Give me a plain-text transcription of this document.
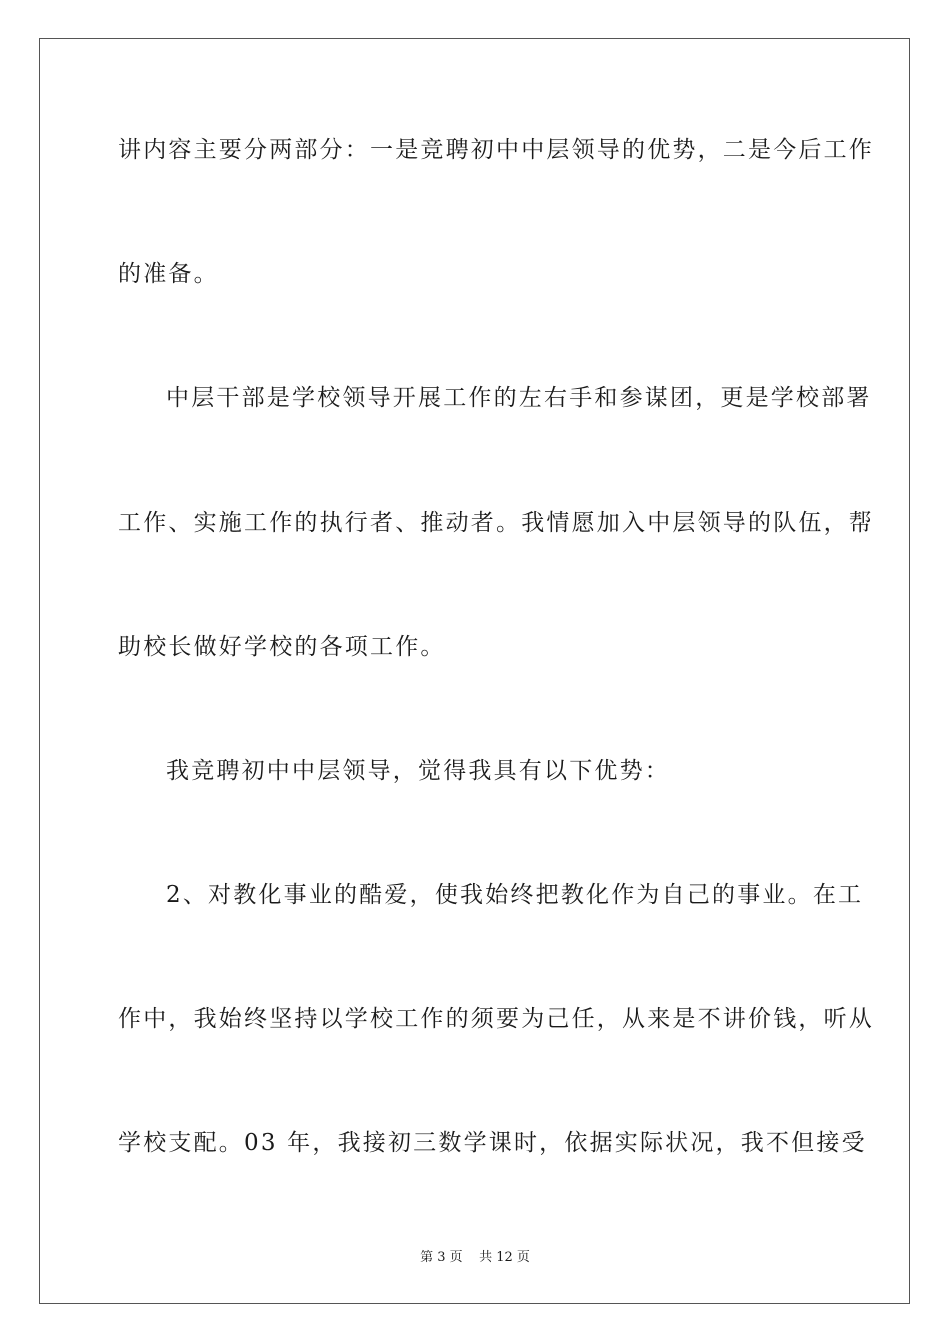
讲内容主要分两部分：一是竞聘初中中层领导的优势，二是今后工作
的准备。
中层干部是学校领导开展工作的左右手和参谋团，更是学校部署
工作、实施工作的执行者、推动者。我情愿加入中层领导的队伍，帮
助校长做好学校的各项工作。
我竞聘初中中层领导，觉得我具有以下优势：
2、对教化事业的酷爱，使我始终把教化作为自己的事业。在工
作中，我始终坚持以学校工作的须要为己任，从来是不讲价钱，听从
学校支配。03 年，我接初三数学课时，依据实际状况，我不但接受
第 3 页    共 12 页
